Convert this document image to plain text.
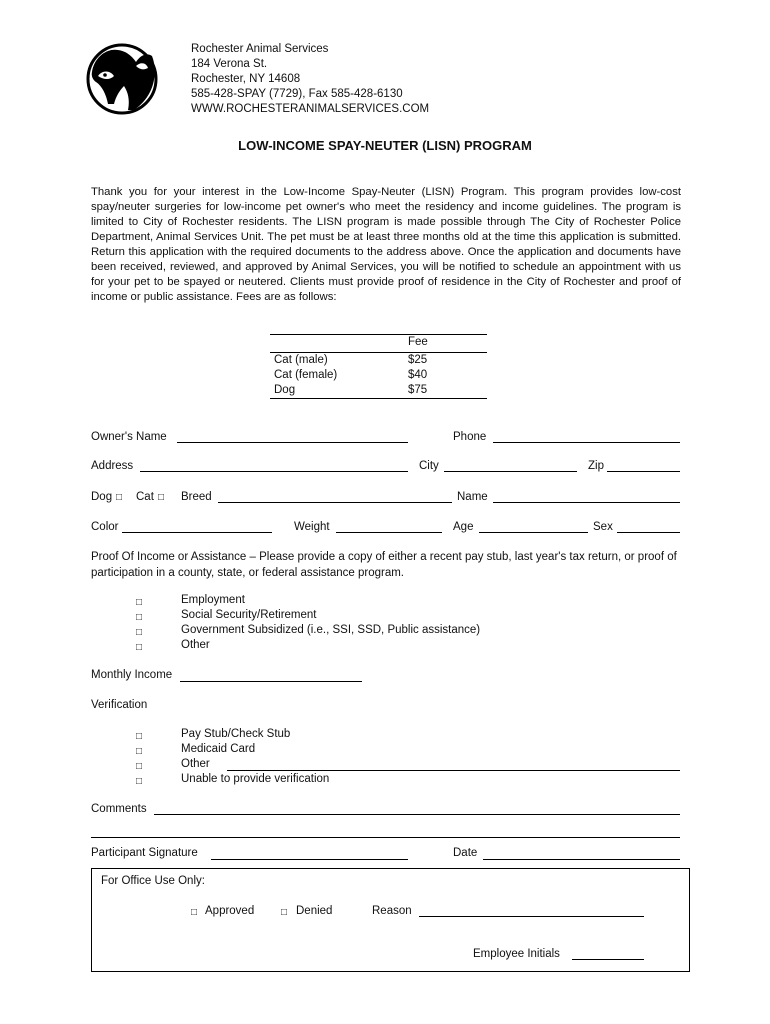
Rochester Animal Services
184 Verona St.
Rochester, NY 14608
585-428-SPAY (7729), Fax 585-428-6130
WWW.ROCHESTERANIMALSERVICES.COM
LOW-INCOME SPAY-NEUTER (LISN) PROGRAM
Thank you for your interest in the Low-Income Spay-Neuter (LISN) Program. This program provides low-cost spay/neuter surgeries for low-income pet owner's who meet the residency and income guidelines. The program is limited to City of Rochester residents. The LISN program is made possible through The City of Rochester Police Department, Animal Services Unit. The pet must be at least three months old at the time this application is submitted. Return this application with the required documents to the address above. Once the application and documents have been received, reviewed, and approved by Animal Services, you will be notified to schedule an appointment with us for your pet to be spayed or neutered. Clients must provide proof of residence in the City of Rochester and proof of income or public assistance. Fees are as follows:
Fee
Cat (male)	$25
Cat (female)	$40
Dog	$75
Owner's Name	Phone
Address	City	Zip
Dog □ Cat □ Breed	Name
Color	Weight	Age	Sex
Proof Of Income or Assistance – Please provide a copy of either a recent pay stub, last year's tax return, or proof of participation in a county, state, or federal assistance program.
□	Employment
□	Social Security/Retirement
□	Government Subsidized (i.e., SSI, SSD, Public assistance)
□	Other
Monthly Income
Verification
□	Pay Stub/Check Stub
□	Medicaid Card
□	Other
□	Unable to provide verification
Comments
Participant Signature	Date
For Office Use Only:
□ Approved	□ Denied	Reason
Employee Initials
